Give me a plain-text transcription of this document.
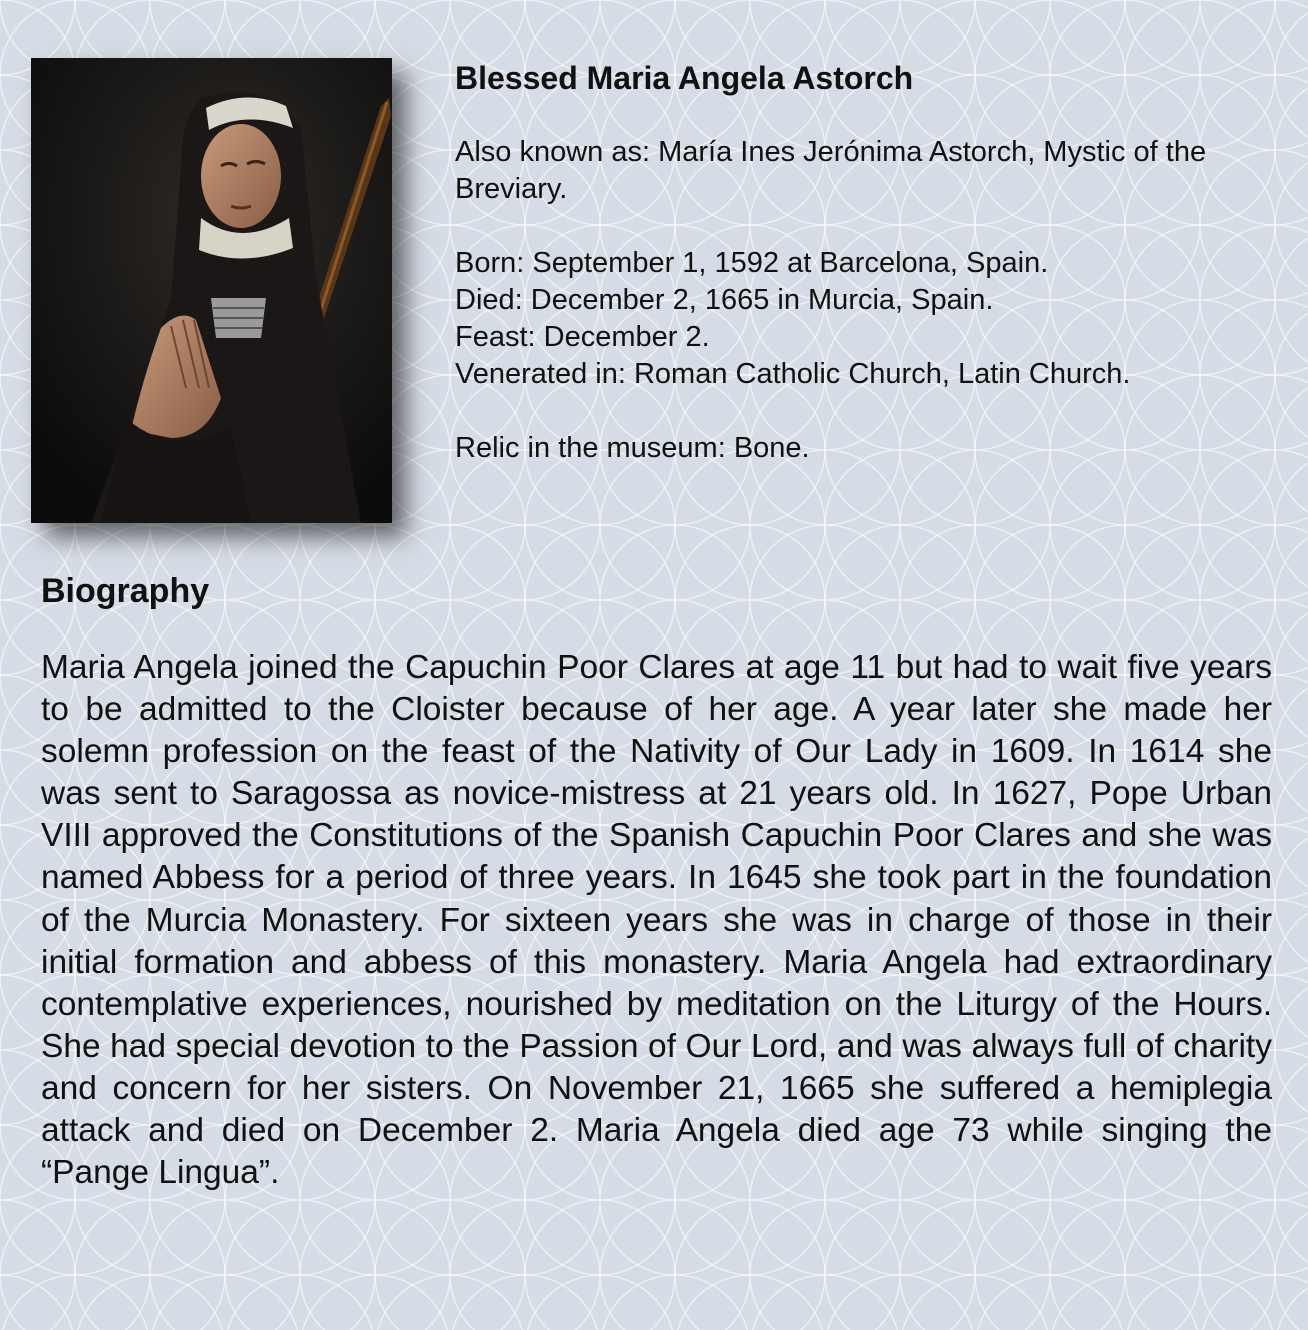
Blessed Maria Angela Astorch
Also known as: María Ines Jerónima Astorch, Mystic of the Breviary.
Born: September 1, 1592 at Barcelona, Spain.
Died: December 2, 1665 in Murcia, Spain.
Feast: December 2.
Venerated in: Roman Catholic Church, Latin Church.
Relic in the museum: Bone.
Biography

Maria Angela joined the Capuchin Poor Clares at age 11 but had to wait five years to be admitted to the Cloister because of her age. A year later she made her solemn profession on the feast of the Nativity of Our Lady in 1609. In 1614 she was sent to Saragossa as novice-mistress at 21 years old. In 1627, Pope Urban VIII approved the Constitutions of the Spanish Capuchin Poor Clares and she was named Abbess for a period of three years. In 1645 she took part in the foundation of the Murcia Monastery. For sixteen years she was in charge of those in their initial formation and abbess of this monastery. Maria Angela had extraordinary contemplative experiences, nourished by meditation on the Liturgy of the Hours. She had special devotion to the Passion of Our Lord, and was always full of charity and concern for her sisters. On November 21, 1665 she suffered a hemiplegia attack and died on December 2. Maria Angela died age 73 while singing the “Pange Lingua”.
